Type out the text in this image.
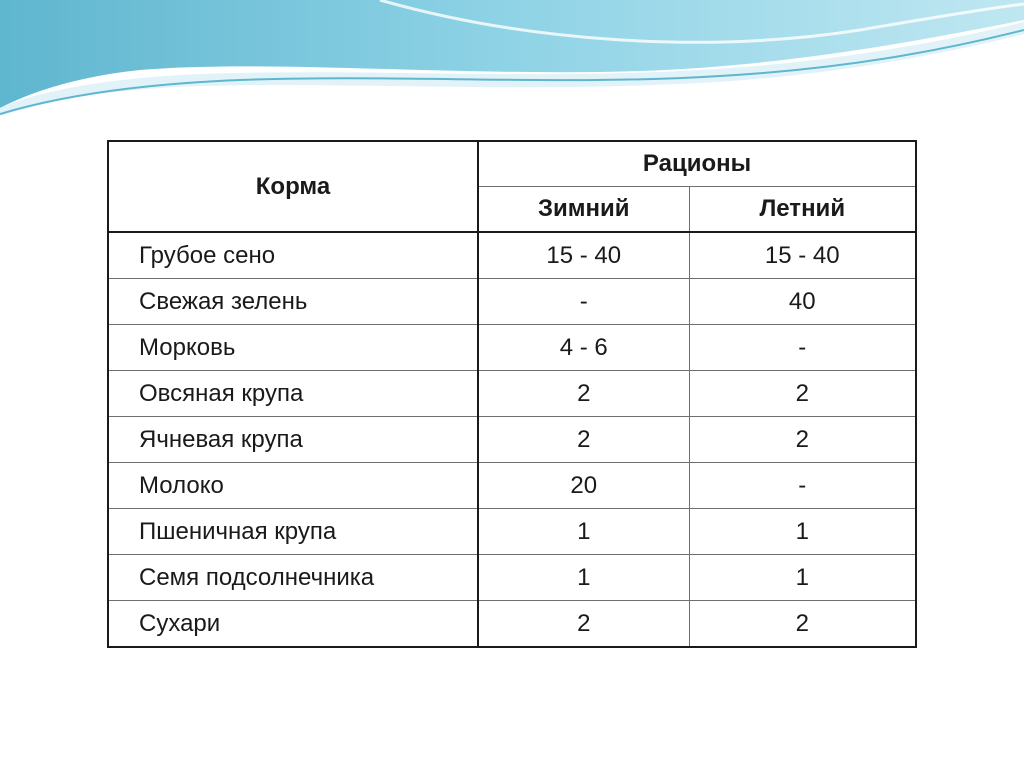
Корма	Рационы	
	Зимний	Летний
Грубое сено	15 - 40	15 - 40
Свежая зелень	-	40
Морковь	4 - 6	-
Овсяная крупа	2	2
Ячневая крупа	2	2
Молоко	20	-
Пшеничная крупа	1	1
Семя подсолнечника	1	1
Сухари	2	2
